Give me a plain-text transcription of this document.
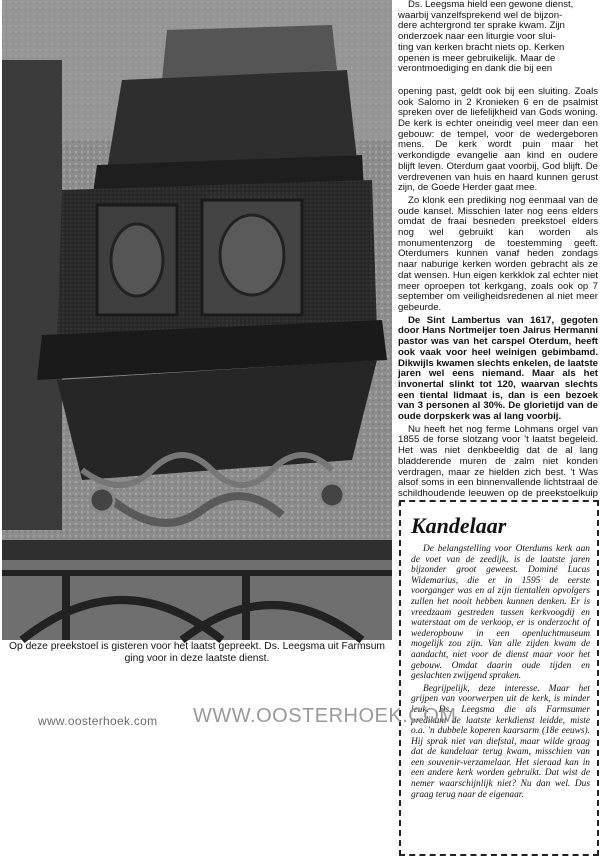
Op deze preekstoel is gisteren voor het laatst gepreekt. Ds. Leegsma uit Farmsum
ging voor in deze laatste dienst.
Ds. Leegsma hield een gewone dienst,
waarbij vanzelfsprekend wel de bijzon-
dere achtergrond ter sprake kwam. Zijn
onderzoek naar een liturgie voor slui-
ting van kerken bracht niets op. Kerken
openen is meer gebruikelijk. Maar de
verontmoediging en dank die bij een

opening past, geldt ook bij een sluiting. Zoals ook Salomo in 2 Kronieken 6 en de psalmist spreken over de liefelijkheid van Gods woning. De kerk is echter oneindig veel meer dan een gebouw: de tempel, voor de wedergeboren mens. De kerk wordt puin maar het verkondigde evangelie aan kind en oudere blijft leven. Oterdum gaat voorbij, God blijft. De verdrevenen van huis en haard kunnen gerust zijn, de Goede Herder gaat mee.

Zo klonk een prediking nog eenmaal van de oude kansel. Misschien later nog eens elders omdat de fraai besneden preekstoel elders nog wel gebruikt kan worden als monumentenzorg de toestemming geeft. Oterdumers kunnen vanaf heden zondags naar naburige kerken worden gebracht als ze dat wensen. Hun eigen kerkklok zal echter niet meer oproepen tot kerkgang, zoals ook op 7 september om veiligheidsredenen al niet meer gebeurde.

De Sint Lambertus van 1617, gegoten door Hans Nortmeijer toen Jairus Hermanni pastor was van het carspel Oterdum, heeft ook vaak voor heel weinigen gebimbamd. Dikwijls kwamen slechts enkelen, de laatste jaren wel eens niemand. Maar als het invonertal slinkt tot 120, waarvan slechts een tiental lidmaat is, dan is een bezoek van 3 personen al 30%. De glorietijd van de oude dorpskerk was al lang voorbij.

Nu heeft het nog ferme Lohmans orgel van 1855 de forse slotzang voor 't laatst begeleid. Het was niet denkbeeldig dat de al lang bladderende muren de zalm niet konden verdragen, maar ze hielden zich best. 't Was alsof soms in een binnenvallende lichtstraal de schildhoudende leeuwen op de preekstoelkuip

Kandelaar

De belangstelling voor Oterdums kerk aan de voet van de zeedijk, is de laatste jaren bijzonder groot geweest. Dominé Lucas Widemarius, die er in 1595 de eerste voorganger was en al zijn tientallen opvolgers zullen het nooit hebben kunnen denken. Er is vreedzaam gestreden tussen kerkvoogdij en waterstaat om de verkoop, er is onderzocht of wederopbouw in een openluchtmuseum mogelijk zou zijn. Van alle zijden kwam de aandacht, niet voor de dienst maar voor het gebouw. Omdat daarin oude tijden en geslachten zwijgend spraken.

Begrijpelijk, deze interesse. Maar het grijpen van voorwerpen uit de kerk, is minder leuk. Ds. Leegsma die als Farmsumer predikant de laatste kerkdienst leidde, miste o.a. 'n dubbele koperen kaarsarm (18e eeuws). Hij sprak niet van diefstal, maar wilde graag dat de kandelaar terug kwam, misschien van een souvenir-verzamelaar. Het sieraad kan in een andere kerk worden gebruikt. Dat wist de nemer waarschijnlijk niet? Nu dan wel. Dus graag terug naar de eigenaar.

www.oosterhoek.com WWW.OOSTERHOEK.COM
